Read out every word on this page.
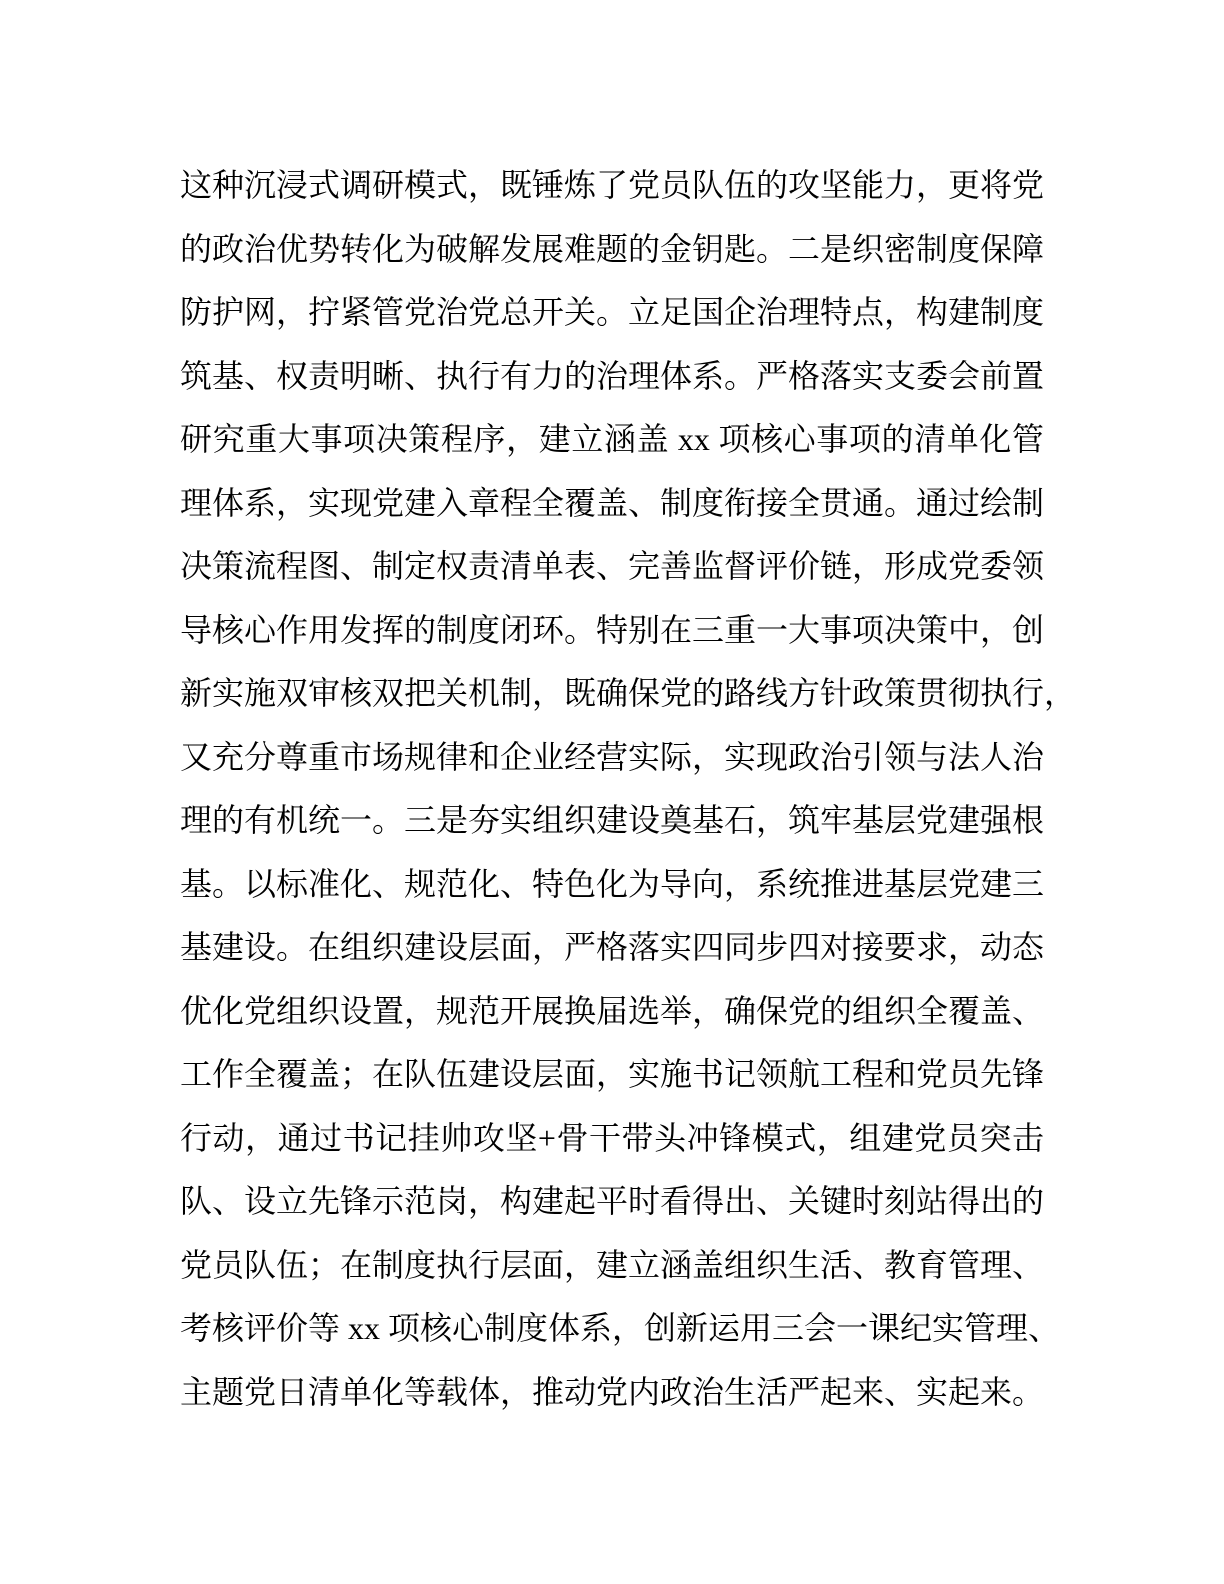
这种沉浸式调研模式，既锤炼了党员队伍的攻坚能力，更将党
的政治优势转化为破解发展难题的金钥匙。二是织密制度保障
防护网，拧紧管党治党总开关。立足国企治理特点，构建制度
筑基、权责明晰、执行有力的治理体系。严格落实支委会前置
研究重大事项决策程序，建立涵盖 xx 项核心事项的清单化管
理体系，实现党建入章程全覆盖、制度衔接全贯通。通过绘制
决策流程图、制定权责清单表、完善监督评价链，形成党委领
导核心作用发挥的制度闭环。特别在三重一大事项决策中，创
新实施双审核双把关机制，既确保党的路线方针政策贯彻执行，
又充分尊重市场规律和企业经营实际，实现政治引领与法人治
理的有机统一。三是夯实组织建设奠基石，筑牢基层党建强根
基。以标准化、规范化、特色化为导向，系统推进基层党建三
基建设。在组织建设层面，严格落实四同步四对接要求，动态
优化党组织设置，规范开展换届选举，确保党的组织全覆盖、
工作全覆盖；在队伍建设层面，实施书记领航工程和党员先锋
行动，通过书记挂帅攻坚+骨干带头冲锋模式，组建党员突击
队、设立先锋示范岗，构建起平时看得出、关键时刻站得出的
党员队伍；在制度执行层面，建立涵盖组织生活、教育管理、
考核评价等 xx 项核心制度体系，创新运用三会一课纪实管理、
主题党日清单化等载体，推动党内政治生活严起来、实起来。
